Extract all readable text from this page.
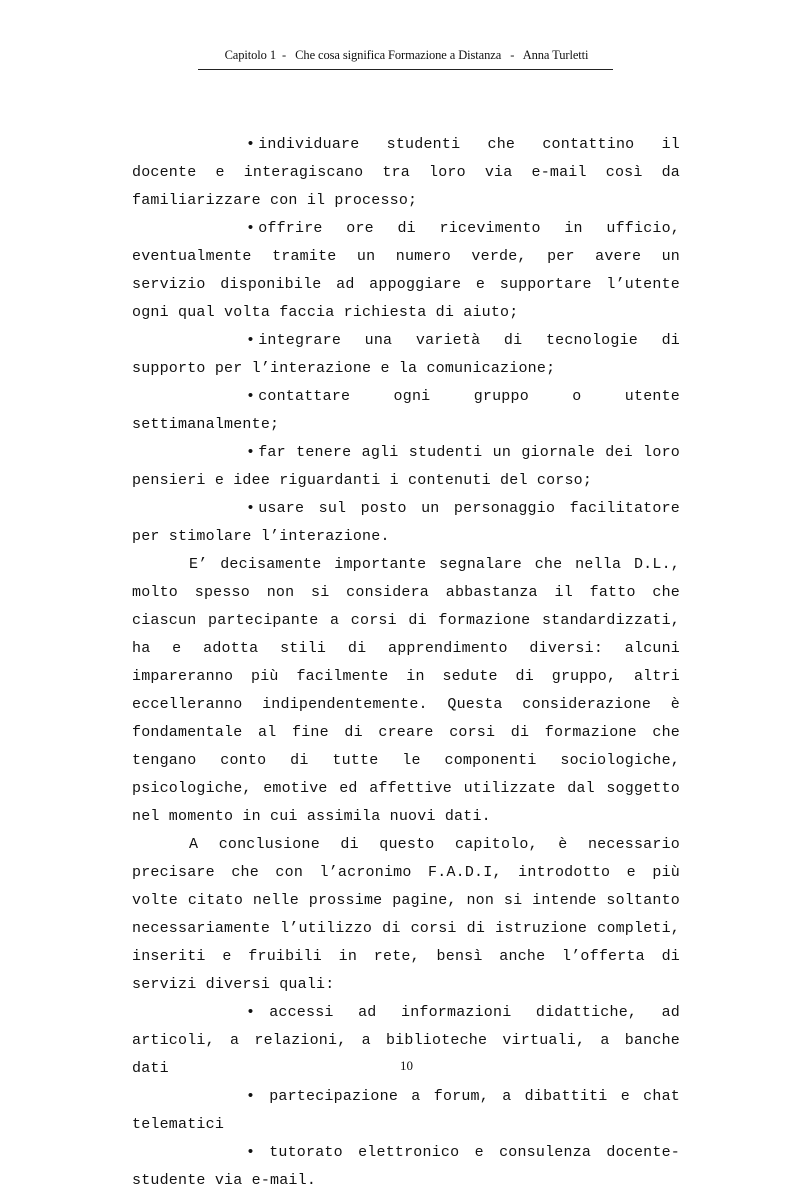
Capitolo 1  -   Che cosa significa Formazione a Distanza   -   Anna Turletti

• individuare studenti che contattino il docente e interagiscano tra loro via e-mail così da familiarizzare con il processo;

• offrire ore di ricevimento in ufficio, eventualmente tramite un numero verde, per avere un servizio disponibile ad appoggiare e supportare l’utente ogni qual volta faccia richiesta di aiuto;

• integrare una varietà di tecnologie di supporto per l’interazione e la comunicazione;

• contattare ogni gruppo o utente settimanalmente;

• far tenere agli studenti un giornale dei loro pensieri e idee riguardanti i contenuti del corso;

• usare sul posto un personaggio facilitatore per stimolare l’interazione.

E’ decisamente importante segnalare che nella D.L., molto spesso non si considera abbastanza il fatto che ciascun partecipante a corsi di formazione standardizzati, ha e adotta stili di apprendimento diversi: alcuni impareranno più facilmente in sedute di gruppo, altri eccelleranno indipendentemente. Questa considerazione è fondamentale al fine di creare corsi di formazione che tengano conto di tutte le componenti sociologiche, psicologiche, emotive ed affettive utilizzate dal soggetto nel momento in cui assimila nuovi dati.

A conclusione di questo capitolo, è necessario precisare che con l’acronimo F.A.D.I, introdotto e più volte citato nelle prossime pagine, non si intende soltanto necessariamente l’utilizzo di corsi di istruzione completi, inseriti e fruibili in rete, bensì anche l’offerta di servizi diversi quali:

• accessi ad informazioni didattiche, ad articoli, a relazioni, a biblioteche virtuali, a banche dati

• partecipazione a forum, a dibattiti e chat telematici

• tutorato elettronico e consulenza docente-studente via e-mail.

10
